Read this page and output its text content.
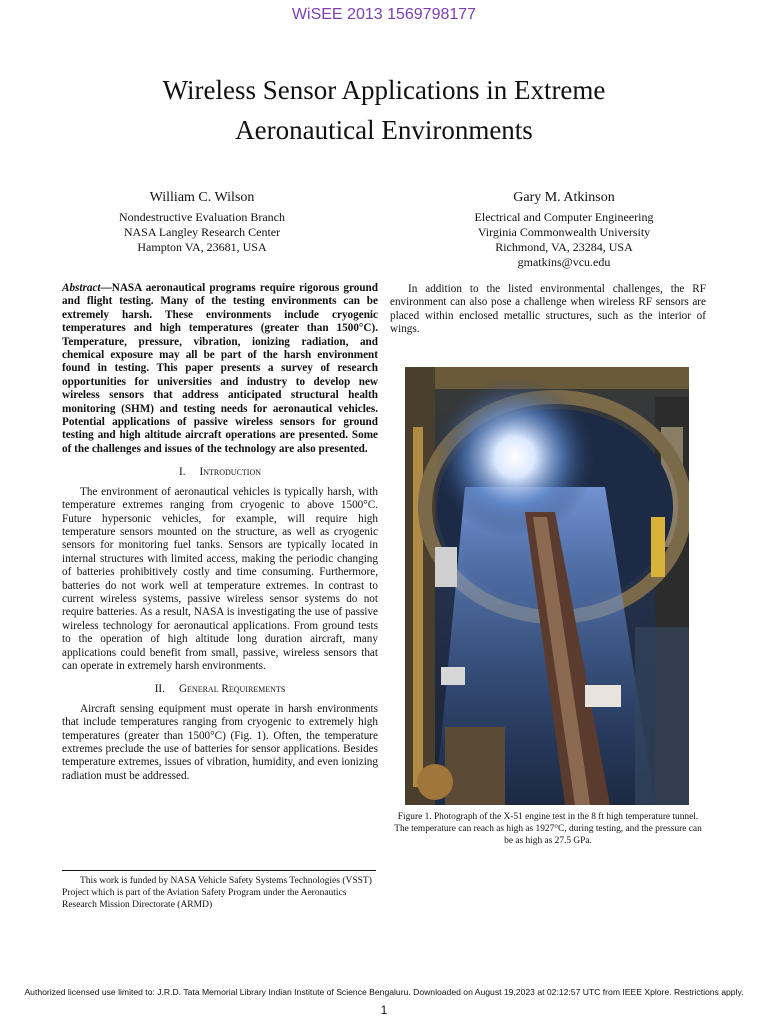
WiSEE 2013 1569798177
Wireless Sensor Applications in Extreme
Aeronautical Environments
William C. Wilson
Nondestructive Evaluation Branch
NASA Langley Research Center
Hampton VA, 23681, USA
Gary M. Atkinson
Electrical and Computer Engineering
Virginia Commonwealth University
Richmond, VA, 23284, USA
gmatkins@vcu.edu

Abstract—NASA aeronautical programs require rigorous ground and flight testing. Many of the testing environments can be extremely harsh. These environments include cryogenic temperatures and high temperatures (greater than 1500°C). Temperature, pressure, vibration, ionizing radiation, and chemical exposure may all be part of the harsh environment found in testing. This paper presents a survey of research opportunities for universities and industry to develop new wireless sensors that address anticipated structural health monitoring (SHM) and testing needs for aeronautical vehicles. Potential applications of passive wireless sensors for ground testing and high altitude aircraft operations are presented. Some of the challenges and issues of the technology are also presented.

I. Introduction

The environment of aeronautical vehicles is typically harsh, with temperature extremes ranging from cryogenic to above 1500°C. Future hypersonic vehicles, for example, will require high temperature sensors mounted on the structure, as well as cryogenic sensors for monitoring fuel tanks. Sensors are typically located in internal structures with limited access, making the periodic changing of batteries prohibitively costly and time consuming. Furthermore, batteries do not work well at temperature extremes. In contrast to current wireless systems, passive wireless sensor systems do not require batteries. As a result, NASA is investigating the use of passive wireless technology for aeronautical applications. From ground tests to the operation of high altitude long duration aircraft, many applications could benefit from small, passive, wireless sensors that can operate in extremely harsh environments.

II. General Requirements

Aircraft sensing equipment must operate in harsh environments that include temperatures ranging from cryogenic to extremely high temperatures (greater than 1500°C) (Fig. 1). Often, the temperature extremes preclude the use of batteries for sensor applications. Besides temperature extremes, issues of vibration, humidity, and even ionizing radiation must be addressed.

This work is funded by NASA Vehicle Safety Systems Technologies (VSST) Project which is part of the Aviation Safety Program under the Aeronautics Research Mission Directorate (ARMD)

In addition to the listed environmental challenges, the RF environment can also pose a challenge when wireless RF sensors are placed within enclosed metallic structures, such as the interior of wings.

Figure 1. Photograph of the X-51 engine test in the 8 ft high temperature tunnel. The temperature can reach as high as 1927°C, during testing, and the pressure can be as high as 27.5 GPa.
Authorized licensed use limited to: J.R.D. Tata Memorial Library Indian Institute of Science Bengaluru. Downloaded on August 19,2023 at 02:12:57 UTC from IEEE Xplore. Restrictions apply.
1
